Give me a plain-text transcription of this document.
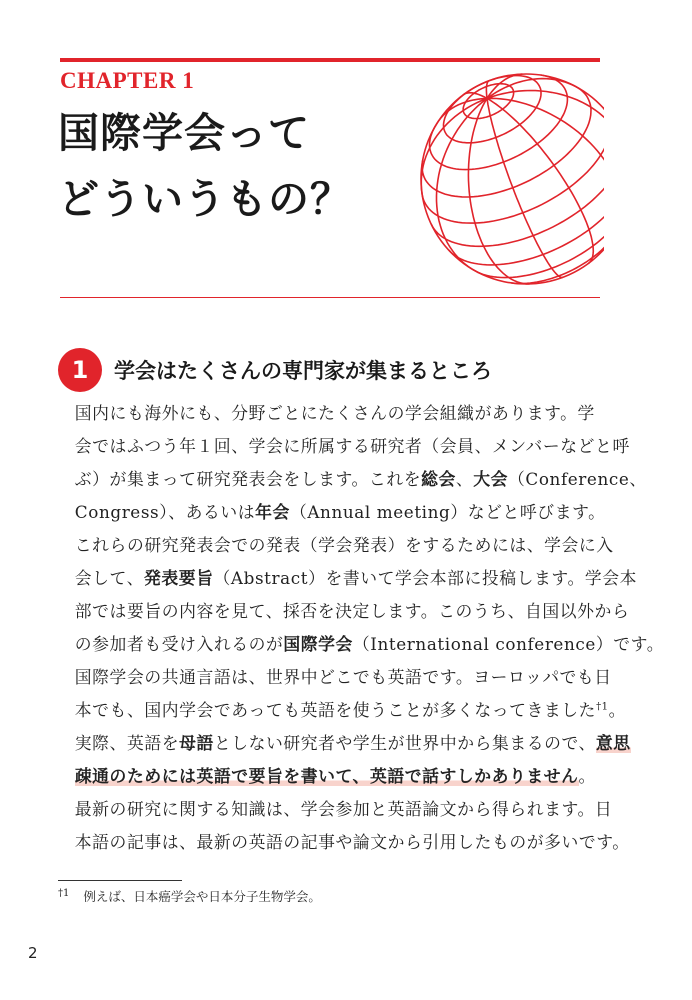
CHAPTER 1
国際学会って
どういうもの？
1	学会はたくさんの専門家が集まるところ

国内にも海外にも、分野ごとにたくさんの学会組織があります。学
会ではふつう年１回、学会に所属する研究者（会員、メンバーなどと呼
ぶ）が集まって研究発表会をします。これを総会、大会（Conference、
Congress）、あるいは年会（Annual meeting）などと呼びます。

これらの研究発表会での発表（学会発表）をするためには、学会に入
会して、発表要旨（Abstract）を書いて学会本部に投稿します。学会本
部では要旨の内容を見て、採否を決定します。このうち、自国以外から
の参加者も受け入れるのが国際学会（International conference）です。

国際学会の共通言語は、世界中どこでも英語です。ヨーロッパでも日
本でも、国内学会であっても英語を使うことが多くなってきました$^{\dagger 1}$。
実際、英語を母語としない研究者や学生が世界中から集まるので、意思
疎通のためには英語で要旨を書いて、英語で話すしかありません。

最新の研究に関する知識は、学会参加と英語論文から得られます。日
本語の記事は、最新の英語の記事や論文から引用したものが多いです。

$^{\dagger 1}$ 例えば、日本癌学会や日本分子生物学会。
2
